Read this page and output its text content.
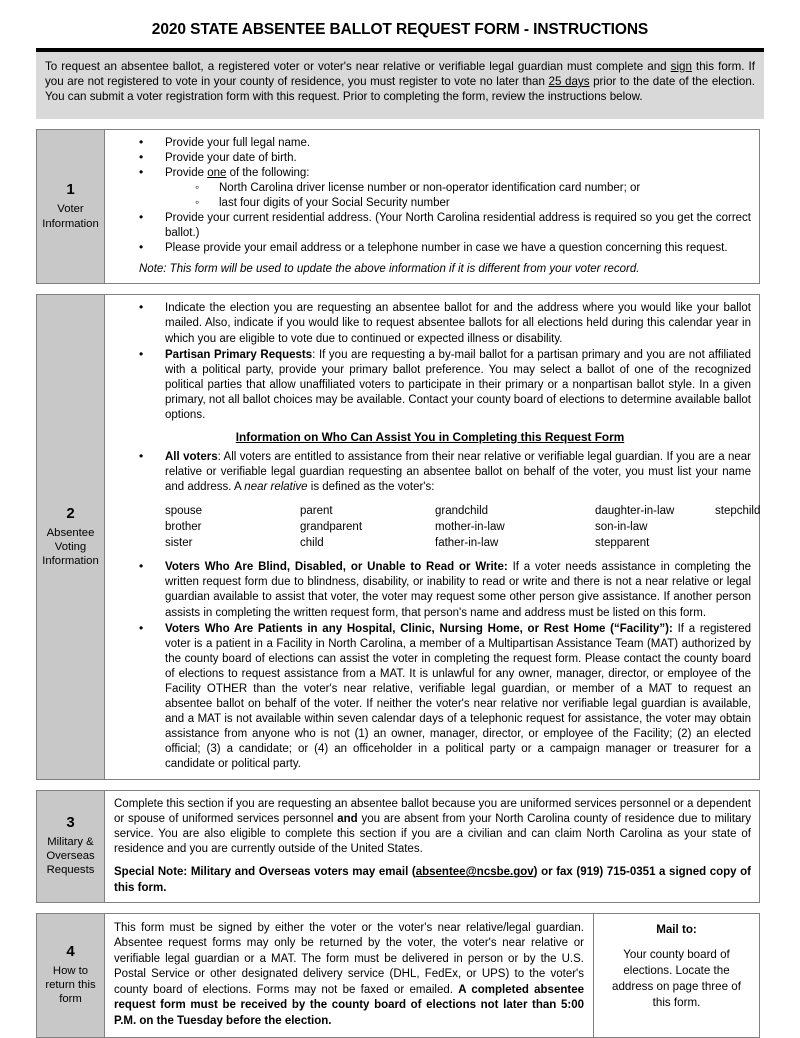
2020 STATE ABSENTEE BALLOT REQUEST FORM - INSTRUCTIONS
To request an absentee ballot, a registered voter or voter's near relative or verifiable legal guardian must complete and sign this form. If you are not registered to vote in your county of residence, you must register to vote no later than 25 days prior to the date of the election. You can submit a voter registration form with this request. Prior to completing the form, review the instructions below.
1
Voter
Information
• Provide your full legal name.
• Provide your date of birth.
• Provide one of the following:
◦ North Carolina driver license number or non-operator identification card number; or
◦ last four digits of your Social Security number
• Provide your current residential address. (Your North Carolina residential address is required so you get the correct ballot.)
• Please provide your email address or a telephone number in case we have a question concerning this request.
Note: This form will be used to update the above information if it is different from your voter record.
2
Absentee
Voting
Information
• Indicate the election you are requesting an absentee ballot for and the address where you would like your ballot mailed. Also, indicate if you would like to request absentee ballots for all elections held during this calendar year in which you are eligible to vote due to continued or expected illness or disability.
• Partisan Primary Requests: If you are requesting a by-mail ballot for a partisan primary and you are not affiliated with a political party, provide your primary ballot preference. You may select a ballot of one of the recognized political parties that allow unaffiliated voters to participate in their primary or a nonpartisan ballot style. In a given primary, not all ballot choices may be available. Contact your county board of elections to determine available ballot options.
Information on Who Can Assist You in Completing this Request Form
• All voters: All voters are entitled to assistance from their near relative or verifiable legal guardian. If you are a near relative or verifiable legal guardian requesting an absentee ballot on behalf of the voter, you must list your name and address. A near relative is defined as the voter's:
spouse	parent	grandchild	daughter-in-law	stepchild
brother	grandparent	mother-in-law	son-in-law
sister	child	father-in-law	stepparent
• Voters Who Are Blind, Disabled, or Unable to Read or Write: If a voter needs assistance in completing the written request form due to blindness, disability, or inability to read or write and there is not a near relative or legal guardian available to assist that voter, the voter may request some other person give assistance. If another person assists in completing the written request form, that person's name and address must be listed on this form.
• Voters Who Are Patients in any Hospital, Clinic, Nursing Home, or Rest Home (“Facility”): If a registered voter is a patient in a Facility in North Carolina, a member of a Multipartisan Assistance Team (MAT) authorized by the county board of elections can assist the voter in completing the request form. Please contact the county board of elections to request assistance from a MAT. It is unlawful for any owner, manager, director, or employee of the Facility OTHER than the voter's near relative, verifiable legal guardian, or member of a MAT to request an absentee ballot on behalf of the voter. If neither the voter's near relative nor verifiable legal guardian is available, and a MAT is not available within seven calendar days of a telephonic request for assistance, the voter may obtain assistance from anyone who is not (1) an owner, manager, director, or employee of the Facility; (2) an elected official; (3) a candidate; or (4) an officeholder in a political party or a campaign manager or treasurer for a candidate or political party.
3
Military &
Overseas
Requests

Complete this section if you are requesting an absentee ballot because you are uniformed services personnel or a dependent or spouse of uniformed services personnel and you are absent from your North Carolina county of residence due to military service. You are also eligible to complete this section if you are a civilian and can claim North Carolina as your state of residence and you are currently outside of the United States.

Special Note: Military and Overseas voters may email (absentee@ncsbe.gov) or fax (919) 715-0351 a signed copy of this form.

4
How to
return this
form
This form must be signed by either the voter or the voter's near relative/legal guardian. Absentee request forms may only be returned by the voter, the voter's near relative or verifiable legal guardian or a MAT. The form must be delivered in person or by the U.S. Postal Service or other designated delivery service (DHL, FedEx, or UPS) to the voter's county board of elections. Forms may not be faxed or emailed. A completed absentee request form must be received by the county board of elections not later than 5:00 P.M. on the Tuesday before the election.
Mail to:
Your county board of elections. Locate the address on page three of this form.
